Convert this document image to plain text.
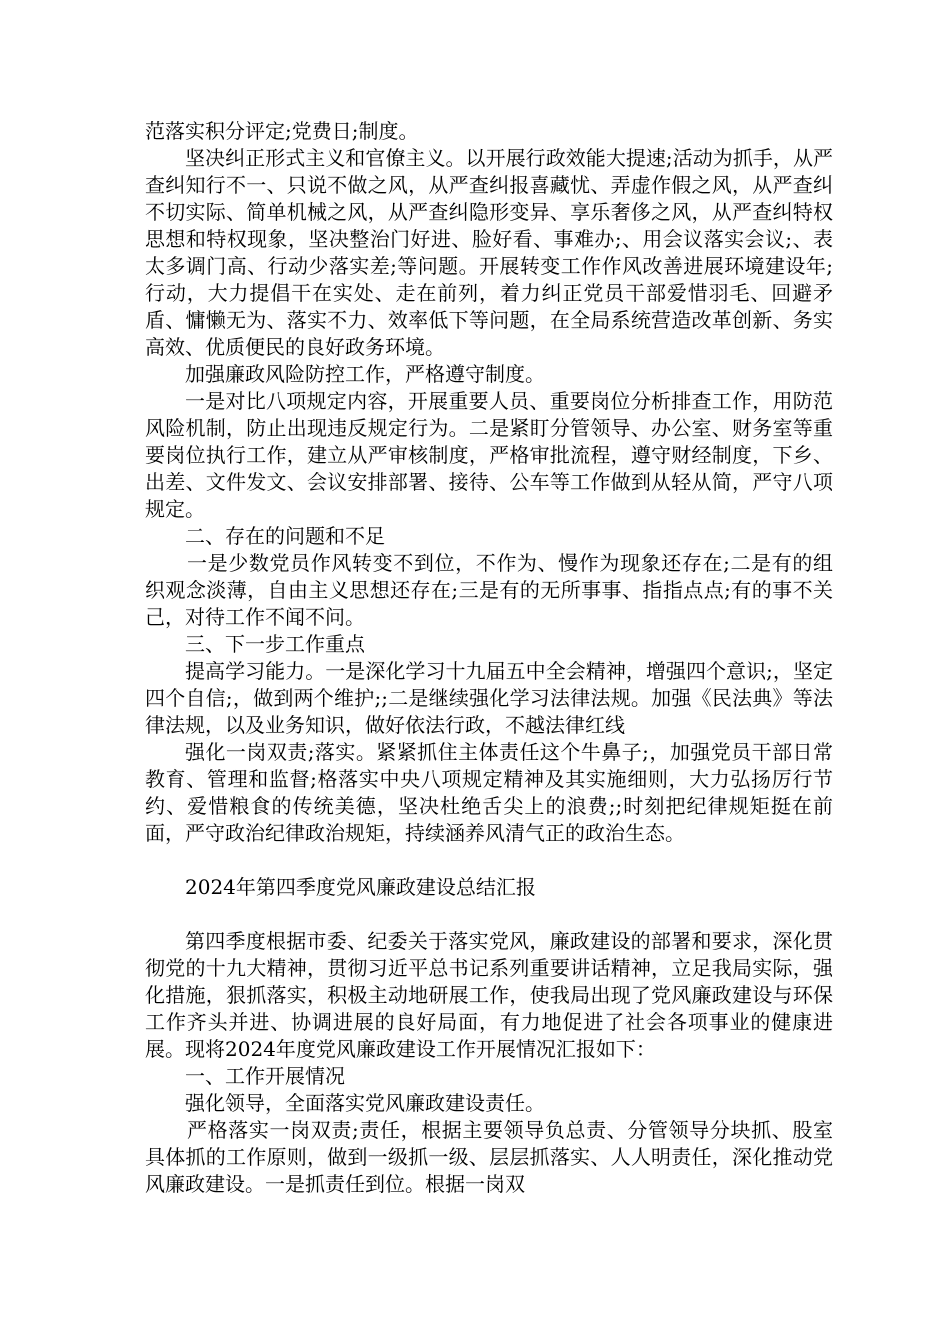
范落实积分评定;党费日;制度。

坚决纠正形式主义和官僚主义。以开展行政效能大提速;活动为抓手，从严查纠知行不一、只说不做之风，从严查纠报喜藏忧、弄虚作假之风，从严查纠不切实际、简单机械之风，从严查纠隐形变异、享乐奢侈之风，从严查纠特权思想和特权现象，坚决整治门好进、脸好看、事难办;、用会议落实会议;、表太多调门高、行动少落实差;等问题。开展转变工作作风改善进展环境建设年;行动，大力提倡干在实处、走在前列，着力纠正党员干部爱惜羽毛、回避矛盾、慵懒无为、落实不力、效率低下等问题，在全局系统营造改革创新、务实高效、优质便民的良好政务环境。

加强廉政风险防控工作，严格遵守制度。

一是对比八项规定内容，开展重要人员、重要岗位分析排查工作，用防范风险机制，防止出现违反规定行为。二是紧盯分管领导、办公室、财务室等重要岗位执行工作，建立从严审核制度，严格审批流程，遵守财经制度，下乡、出差、文件发文、会议安排部署、接待、公车等工作做到从轻从简，严守八项规定。

二、存在的问题和不足

一是少数党员作风转变不到位，不作为、慢作为现象还存在;二是有的组织观念淡薄，自由主义思想还存在;三是有的无所事事、指指点点;有的事不关己，对待工作不闻不问。

三、下一步工作重点

提高学习能力。一是深化学习十九届五中全会精神，增强四个意识;，坚定四个自信;，做到两个维护;;二是继续强化学习法律法规。加强《民法典》等法律法规，以及业务知识，做好依法行政，不越法律红线

强化一岗双责;落实。紧紧抓住主体责任这个牛鼻子;，加强党员干部日常教育、管理和监督;格落实中央八项规定精神及其实施细则，大力弘扬厉行节约、爱惜粮食的传统美德，坚决杜绝舌尖上的浪费;;时刻把纪律规矩挺在前面，严守政治纪律政治规矩，持续涵养风清气正的政治生态。

2024年第四季度党风廉政建设总结汇报

第四季度根据市委、纪委关于落实党风，廉政建设的部署和要求，深化贯彻党的十九大精神，贯彻习近平总书记系列重要讲话精神，立足我局实际，强化措施，狠抓落实，积极主动地研展工作，使我局出现了党风廉政建设与环保工作齐头并进、协调进展的良好局面，有力地促进了社会各项事业的健康进展。现将2024年度党风廉政建设工作开展情况汇报如下：

一、工作开展情况

强化领导，全面落实党风廉政建设责任。

严格落实一岗双责;责任，根据主要领导负总责、分管领导分块抓、股室具体抓的工作原则，做到一级抓一级、层层抓落实、人人明责任，深化推动党风廉政建设。一是抓责任到位。根据一岗双
